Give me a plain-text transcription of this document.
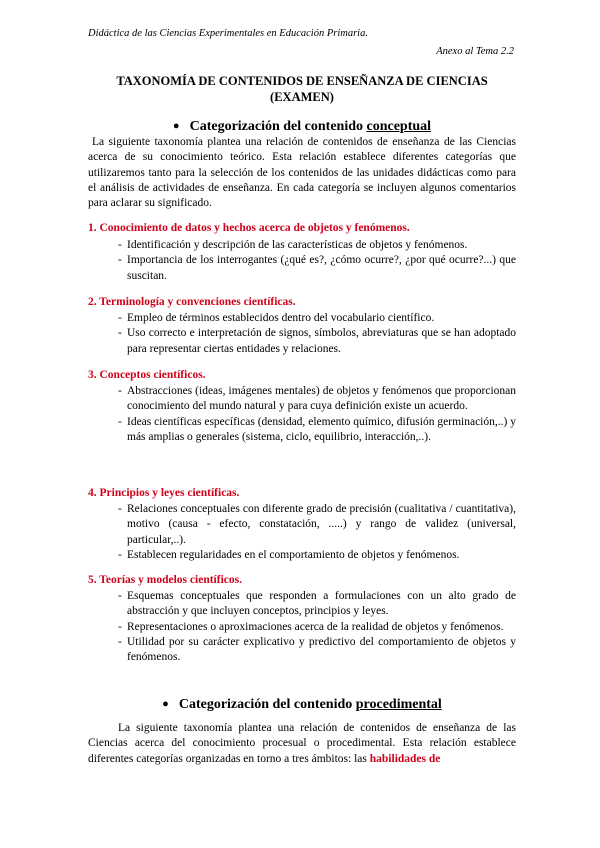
Didáctica de las Ciencias Experimentales en Educación Primaria.
Anexo al Tema 2.2
TAXONOMÍA DE CONTENIDOS DE ENSEÑANZA DE CIENCIAS
(EXAMEN)
● Categorización del contenido conceptual
La siguiente taxonomía plantea una relación de contenidos de enseñanza de las Ciencias acerca de su conocimiento teórico. Esta relación establece diferentes categorías que utilizaremos tanto para la selección de los contenidos de las unidades didácticas como para el análisis de actividades de enseñanza. En cada categoría se incluyen algunos comentarios para aclarar su significado.
1. Conocimiento de datos y hechos acerca de objetos y fenómenos.
- Identificación y descripción de las características de objetos y fenómenos.
- Importancia de los interrogantes (¿qué es?, ¿cómo ocurre?, ¿por qué ocurre?...) que suscitan.
2. Terminología y convenciones científicas.
- Empleo de términos establecidos dentro del vocabulario científico.
- Uso correcto e interpretación de signos, símbolos, abreviaturas que se han adoptado para representar ciertas entidades y relaciones.
3. Conceptos científicos.
- Abstracciones (ideas, imágenes mentales) de objetos y fenómenos que proporcionan conocimiento del mundo natural y para cuya definición existe un acuerdo.
- Ideas científicas específicas (densidad, elemento químico, difusión germinación,..) y más amplias o generales (sistema, ciclo, equilibrio, interacción,..).
4. Principios y leyes científicas.
- Relaciones conceptuales con diferente grado de precisión (cualitativa / cuantitativa), motivo (causa - efecto, constatación, .....) y rango de validez (universal, particular,..).
- Establecen regularidades en el comportamiento de objetos y fenómenos.
5. Teorías y modelos científicos.
- Esquemas conceptuales que responden a formulaciones con un alto grado de abstracción y que incluyen conceptos, principios y leyes.
- Representaciones o aproximaciones acerca de la realidad de objetos y fenómenos.
- Utilidad por su carácter explicativo y predictivo del comportamiento de objetos y fenómenos.
● Categorización del contenido procedimental
La siguiente taxonomía plantea una relación de contenidos de enseñanza de las Ciencias acerca del conocimiento procesual o procedimental. Esta relación establece diferentes categorías organizadas en torno a tres ámbitos: las habilidades de
